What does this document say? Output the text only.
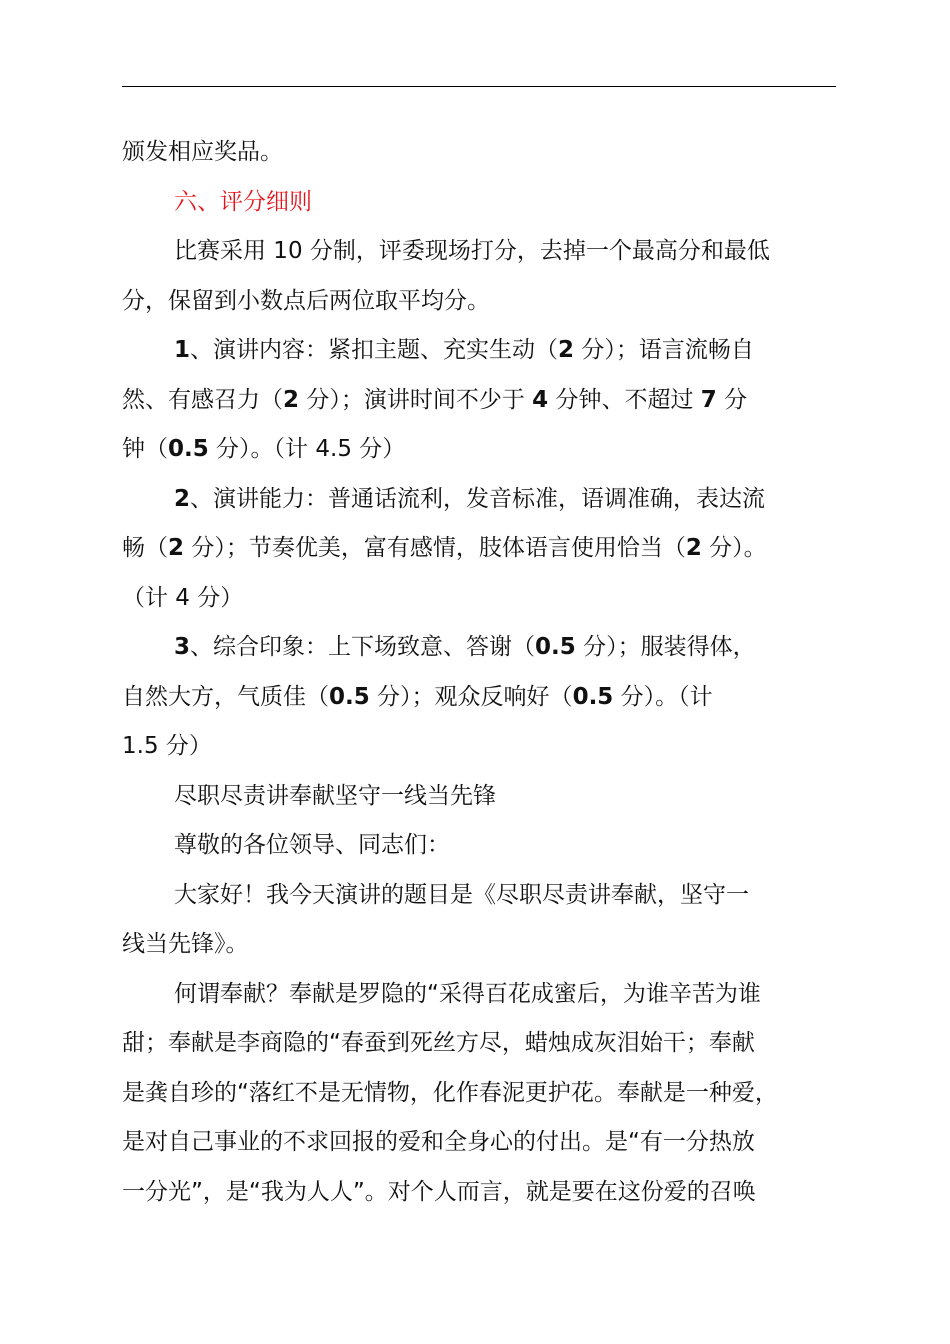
颁发相应奖品。

六、评分细则

比赛采用 10 分制，评委现场打分，去掉一个最高分和最低
分，保留到小数点后两位取平均分。

1、演讲内容：紧扣主题、充实生动（2 分）；语言流畅自
然、有感召力（2 分）；演讲时间不少于 4 分钟、不超过 7 分
钟（0.5 分）。（计 4.5 分）

2、演讲能力：普通话流利，发音标准，语调准确，表达流
畅（2 分）；节奏优美，富有感情，肢体语言使用恰当（2 分）。
（计 4 分）

3、综合印象：上下场致意、答谢（0.5 分）；服装得体，
自然大方，气质佳（0.5 分）；观众反响好（0.5 分）。（计
1.5 分）

尽职尽责讲奉献坚守一线当先锋

尊敬的各位领导、同志们：

大家好！我今天演讲的题目是《尽职尽责讲奉献，坚守一
线当先锋》。

何谓奉献？奉献是罗隐的“采得百花成蜜后，为谁辛苦为谁
甜；奉献是李商隐的“春蚕到死丝方尽，蜡烛成灰泪始干；奉献
是龚自珍的“落红不是无情物，化作春泥更护花。奉献是一种爱，
是对自己事业的不求回报的爱和全身心的付出。是“有一分热放
一分光”，是“我为人人”。对个人而言，就是要在这份爱的召唤
